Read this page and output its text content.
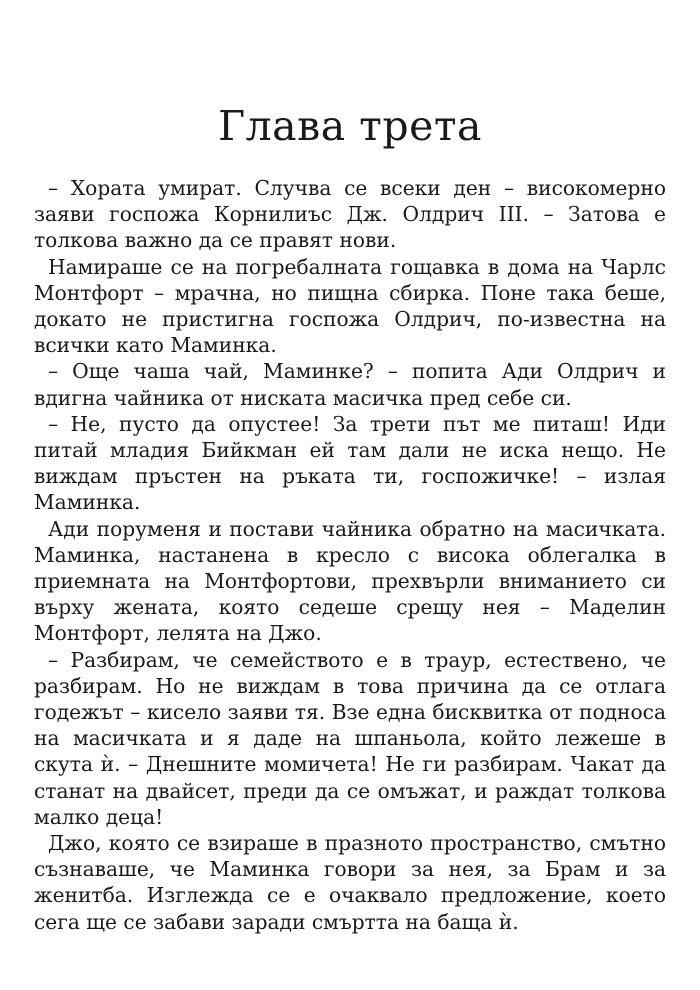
Глава трета

– Хората умират. Случва се всеки ден – високомерно заяви госпожа Корнилиъс Дж. Олдрич III. – Затова е толкова важно да се правят нови.

Намираше се на погребалната гощавка в дома на Чарлс Монтфорт – мрачна, но пищна сбирка. Поне така беше, докато не пристигна госпожа Олдрич, по-известна на всички като Маминка.

– Още чаша чай, Маминке? – попита Ади Олдрич и вдигна чайника от ниската масичка пред себе си.

– Не, пусто да опустее! За трети път ме питаш! Иди питай младия Бийкман ей там дали не иска нещо. Не виждам пръстен на ръката ти, госпожичке! – излая Маминка.

Ади поруменя и постави чайника обратно на масичката. Маминка, настанена в кресло с висока облегалка в приемната на Монтфортови, прехвърли вниманието си върху жената, която седеше срещу нея – Маделин Монтфорт, лелята на Джо.

– Разбирам, че семейството е в траур, естествено, че разбирам. Но не виждам в това причина да се отлага годежът – кисело заяви тя. Взе една бисквитка от подноса на масичката и я даде на шпаньола, който лежеше в скута ѝ. – Днешните момичета! Не ги разбирам. Чакат да станат на двайсет, преди да се омъжат, и раждат толкова малко деца!

Джо, която се взираше в празното пространство, смътно съзнаваше, че Маминка говори за нея, за Брам и за женитба. Изглежда се е очаквало предложение, което сега ще се забави заради смъртта на баща ѝ.
